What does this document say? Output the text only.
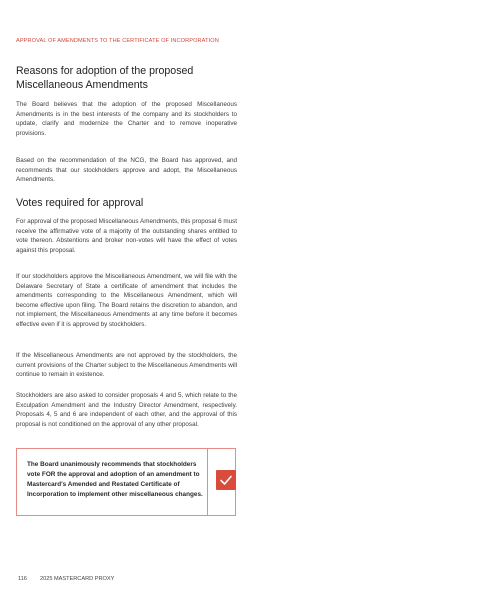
APPROVAL OF AMENDMENTS TO THE CERTIFICATE OF INCORPORATION
Reasons for adoption of the proposed Miscellaneous Amendments

The Board believes that the adoption of the proposed Miscellaneous Amendments is in the best interests of the company and its stockholders to update, clarify and modernize the Charter and to remove inoperative provisions.

Based on the recommendation of the NCG, the Board has approved, and recommends that our stockholders approve and adopt, the Miscellaneous Amendments.

Votes required for approval

For approval of the proposed Miscellaneous Amendments, this proposal 6 must receive the affirmative vote of a majority of the outstanding shares entitled to vote thereon. Abstentions and broker non-votes will have the effect of votes against this proposal.

If our stockholders approve the Miscellaneous Amendment, we will file with the Delaware Secretary of State a certificate of amendment that includes the amendments corresponding to the Miscellaneous Amendment, which will become effective upon filing. The Board retains the discretion to abandon, and not implement, the Miscellaneous Amendments at any time before it becomes effective even if it is approved by stockholders.

If the Miscellaneous Amendments are not approved by the stockholders, the current provisions of the Charter subject to the Miscellaneous Amendments will continue to remain in existence.

Stockholders are also asked to consider proposals 4 and 5, which relate to the Exculpation Amendment and the Industry Director Amendment, respectively. Proposals 4, 5 and 6 are independent of each other, and the approval of this proposal is not conditioned on the approval of any other proposal.

The Board unanimously recommends that stockholders vote FOR the approval and adoption of an amendment to Mastercard's Amended and Restated Certificate of Incorporation to implement other miscellaneous changes.
116 2025 MASTERCARD PROXY
